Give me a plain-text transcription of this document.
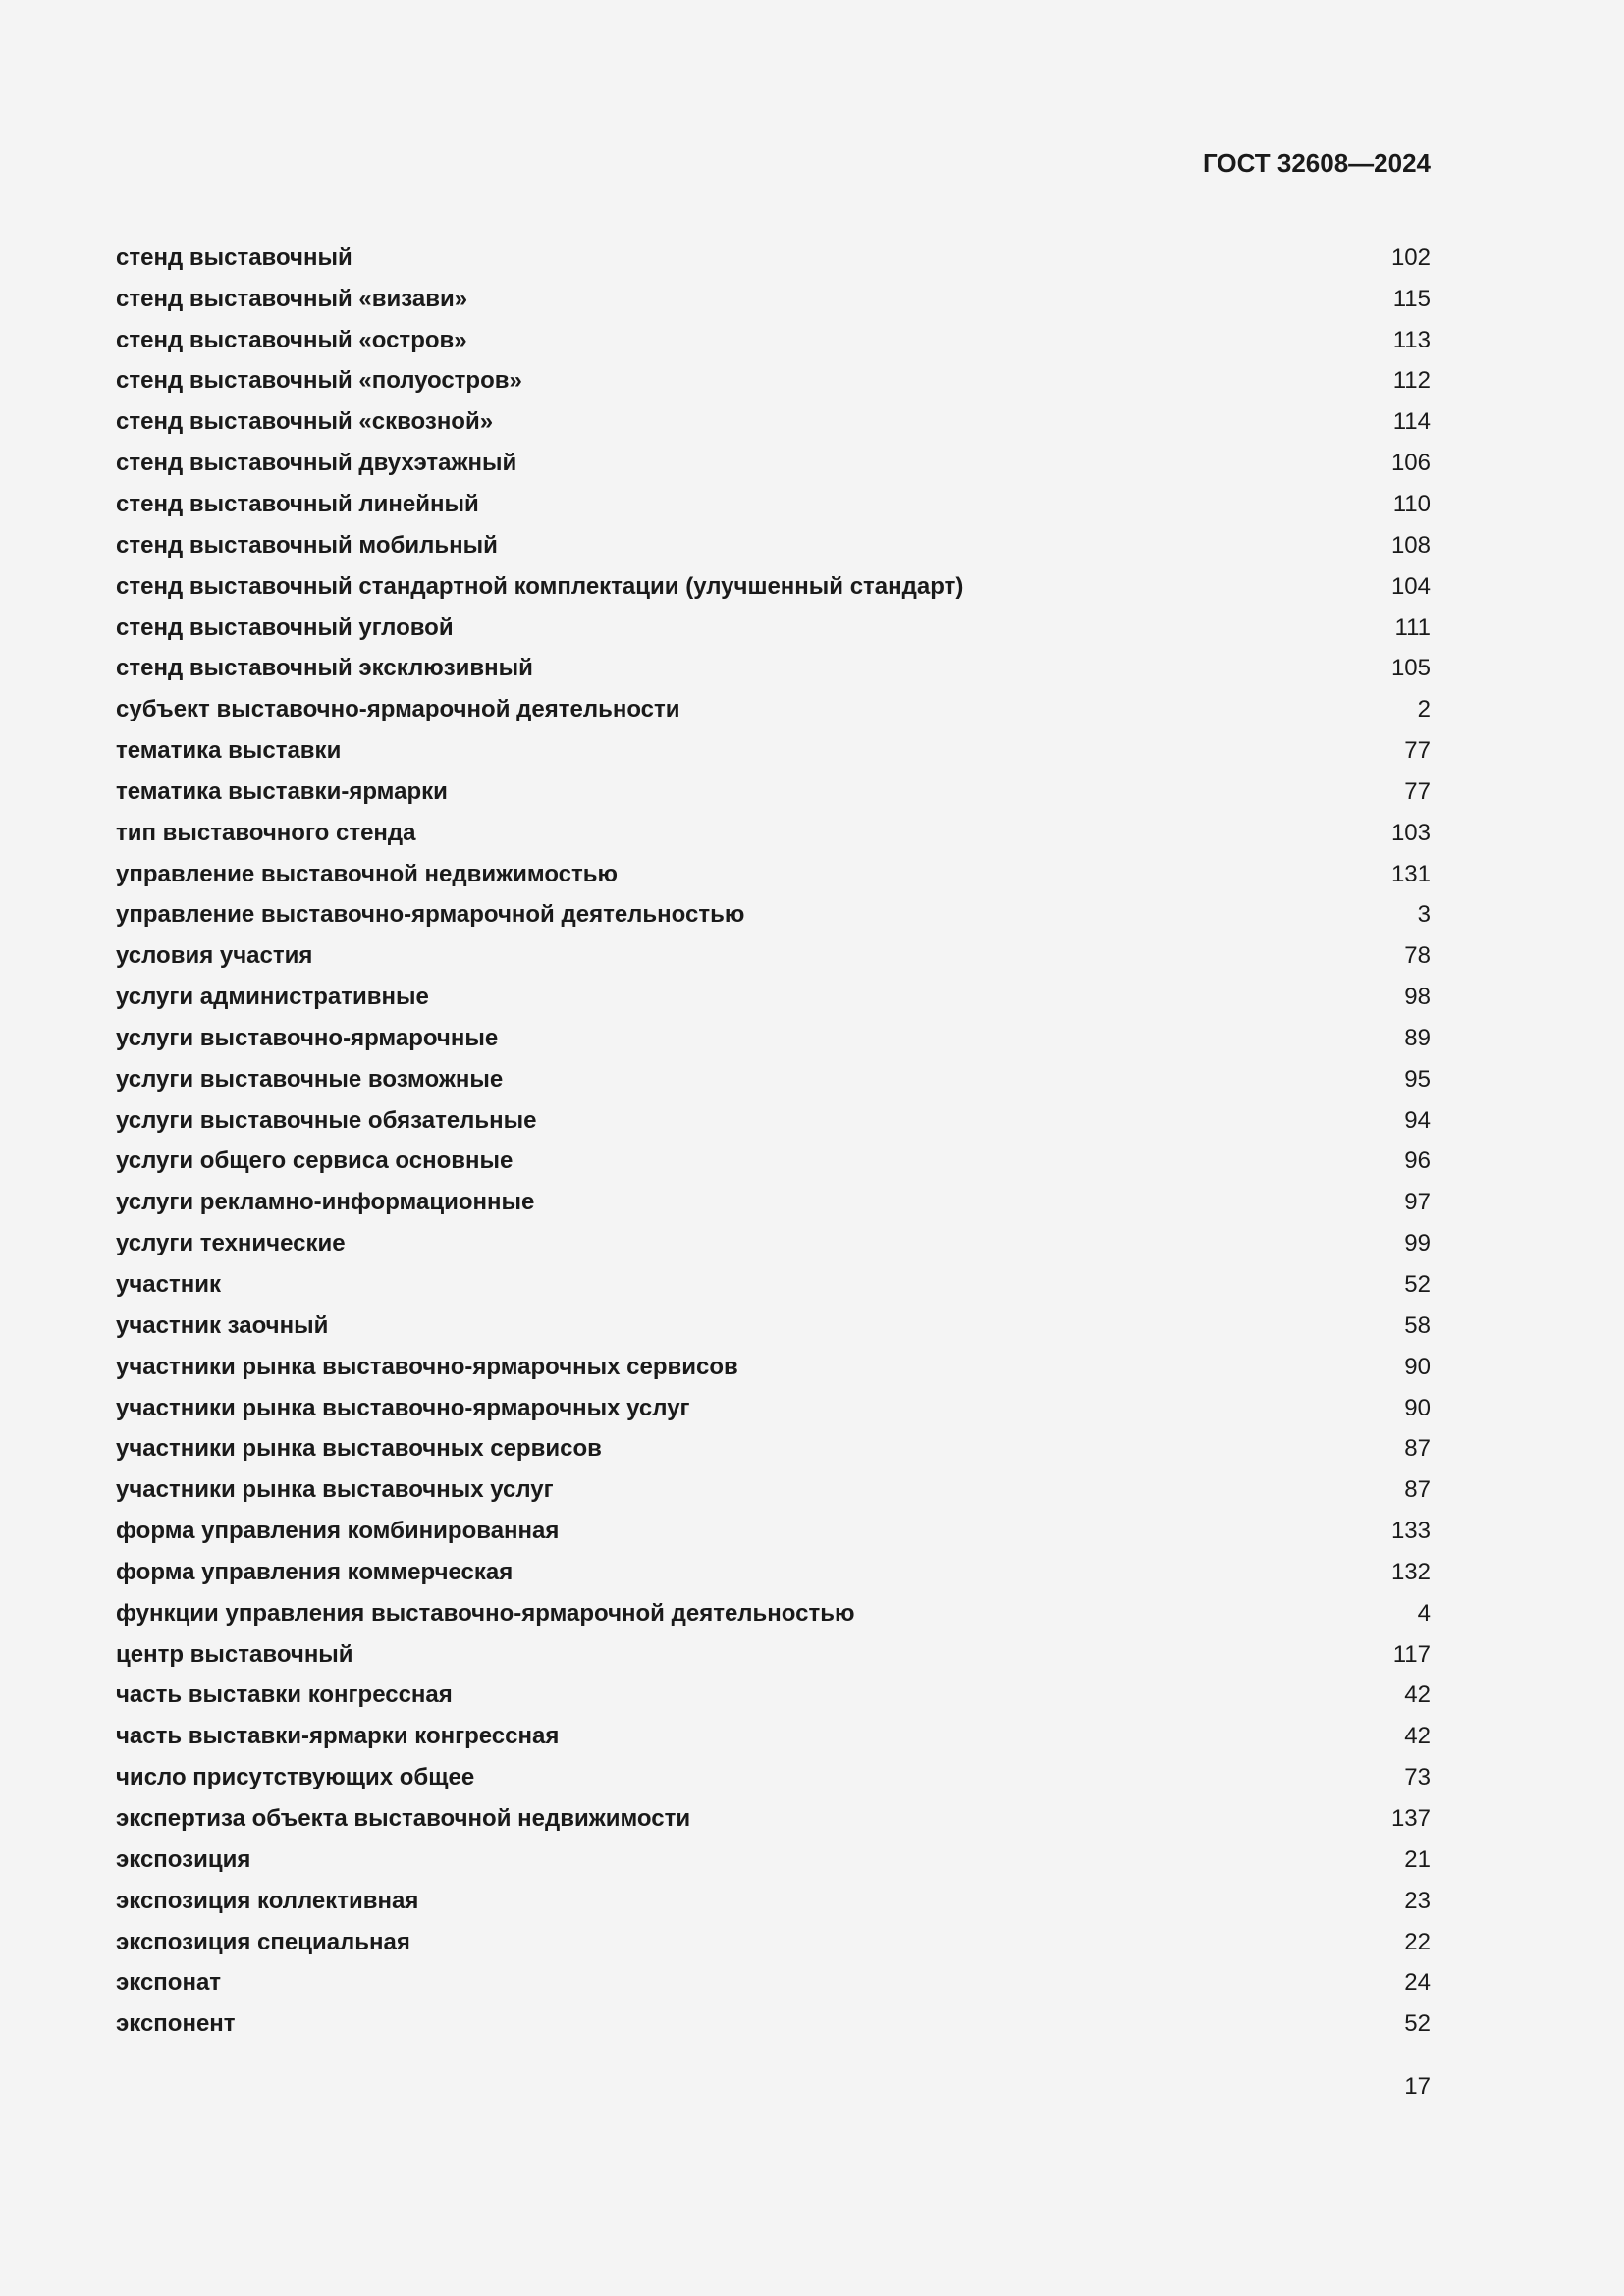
ГОСТ 32608—2024
стенд выставочный	102
стенд выставочный «визави»	115
стенд выставочный «остров»	113
стенд выставочный «полуостров»	112
стенд выставочный «сквозной»	114
стенд выставочный двухэтажный	106
стенд выставочный линейный	110
стенд выставочный мобильный	108
стенд выставочный стандартной комплектации (улучшенный стандарт)	104
стенд выставочный угловой	111
стенд выставочный эксклюзивный	105
субъект выставочно-ярмарочной деятельности	2
тематика выставки	77
тематика выставки-ярмарки	77
тип выставочного стенда	103
управление выставочной недвижимостью	131
управление выставочно-ярмарочной деятельностью	3
условия участия	78
услуги административные	98
услуги выставочно-ярмарочные	89
услуги выставочные возможные	95
услуги выставочные обязательные	94
услуги общего сервиса основные	96
услуги рекламно-информационные	97
услуги технические	99
участник	52
участник заочный	58
участники рынка выставочно-ярмарочных сервисов	90
участники рынка выставочно-ярмарочных услуг	90
участники рынка выставочных сервисов	87
участники рынка выставочных услуг	87
форма управления комбинированная	133
форма управления коммерческая	132
функции управления выставочно-ярмарочной деятельностью	4
центр выставочный	117
часть выставки конгрессная	42
часть выставки-ярмарки конгрессная	42
число присутствующих общее	73
экспертиза объекта выставочной недвижимости	137
экспозиция	21
экспозиция коллективная	23
экспозиция специальная	22
экспонат	24
экспонент	52
17
